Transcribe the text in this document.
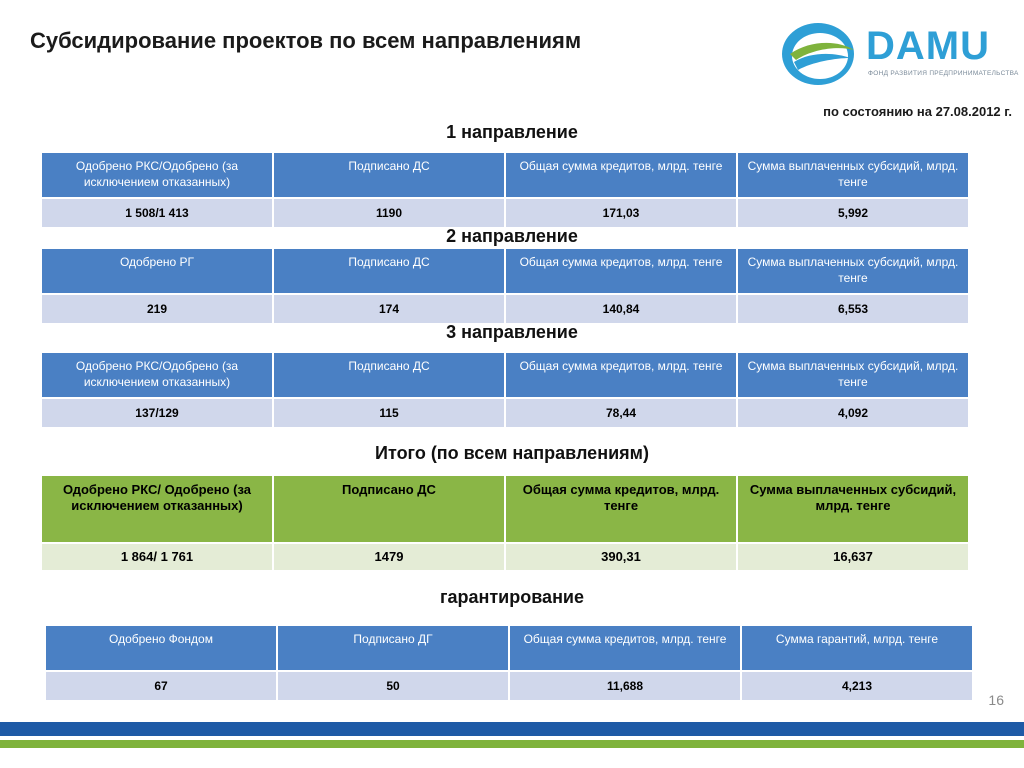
Субсидирование проектов по всем направлениям	DAMU
ФОНД РАЗВИТИЯ ПРЕДПРИНИМАТЕЛЬСТВА
по состоянию на 27.08.2012 г.
1 направление
Одобрено РКС/Одобрено (за исключением отказанных)	Подписано ДС	Общая сумма кредитов, млрд. тенге	Сумма выплаченных субсидий, млрд. тенге
1 508/1 413	1190	171,03	5,992
2 направление
Одобрено РГ	Подписано ДС	Общая сумма кредитов, млрд. тенге	Сумма выплаченных субсидий, млрд. тенге
219	174	140,84	6,553
3 направление
Одобрено РКС/Одобрено (за исключением отказанных)	Подписано ДС	Общая сумма кредитов, млрд. тенге	Сумма выплаченных субсидий, млрд. тенге
137/129	115	78,44	4,092
Итого (по всем направлениям)
Одобрено РКС/ Одобрено (за исключением отказанных)	Подписано ДС	Общая сумма кредитов, млрд. тенге	Сумма выплаченных субсидий, млрд. тенге
1 864/ 1 761	1479	390,31	16,637
гарантирование
Одобрено Фондом	Подписано ДГ	Общая сумма кредитов, млрд. тенге	Сумма гарантий, млрд. тенге
67	50	11,688	4,213
16
